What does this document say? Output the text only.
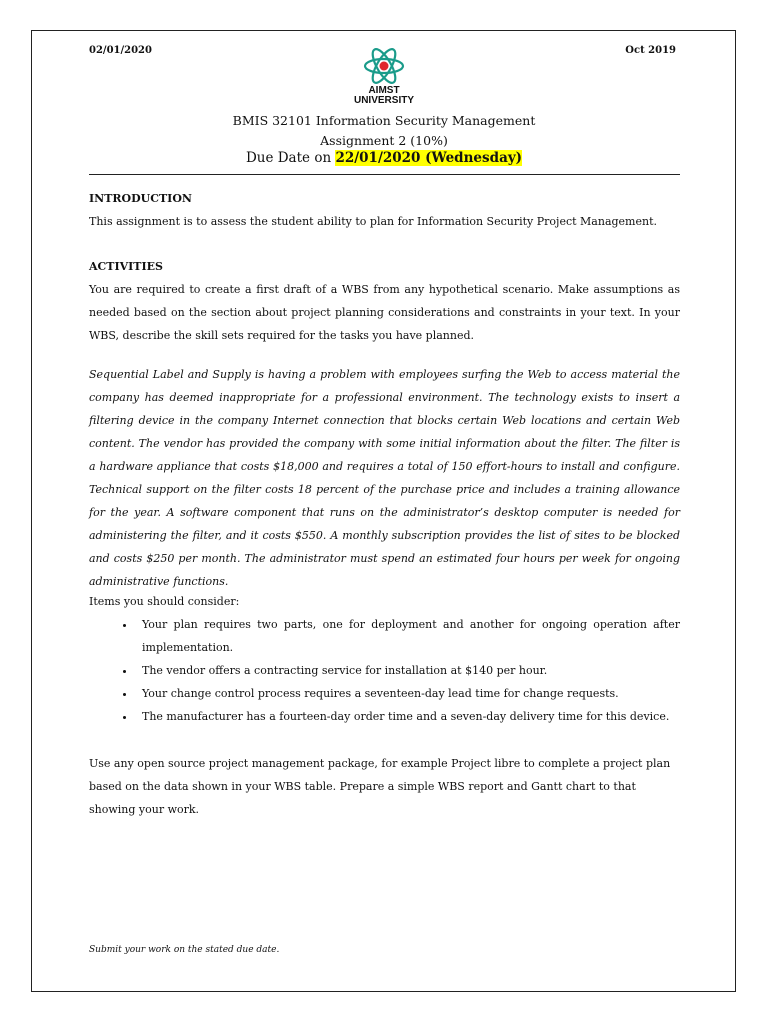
02/01/2020	Oct 2019
AIMST
UNIVERSITY
BMIS 32101 Information Security Management
Assignment 2 (10%)
Due Date on 22/01/2020 (Wednesday)
INTRODUCTION
This assignment is to assess the student ability to plan for Information Security Project Management.
ACTIVITIES
You are required to create a first draft of a WBS from any hypothetical scenario. Make assumptions as needed based on the section about project planning considerations and constraints in your text. In your WBS, describe the skill sets required for the tasks you have planned.
Sequential Label and Supply is having a problem with employees surfing the Web to access material the company has deemed inappropriate for a professional environment. The technology exists to insert a filtering device in the company Internet connection that blocks certain Web locations and certain Web content. The vendor has provided the company with some initial information about the filter. The filter is a hardware appliance that costs $18,000 and requires a total of 150 effort-hours to install and configure. Technical support on the filter costs 18 percent of the purchase price and includes a training allowance for the year. A software component that runs on the administrator’s desktop computer is needed for administering the filter, and it costs $550. A monthly subscription provides the list of sites to be blocked and costs $250 per month. The administrator must spend an estimated four hours per week for ongoing administrative functions.
Items you should consider:
• Your plan requires two parts, one for deployment and another for ongoing operation after implementation.
• The vendor offers a contracting service for installation at $140 per hour.
• Your change control process requires a seventeen-day lead time for change requests.
• The manufacturer has a fourteen-day order time and a seven-day delivery time for this device.
Use any open source project management package, for example Project libre to complete a project plan based on the data shown in your WBS table. Prepare a simple WBS report and Gantt chart to that showing your work.
Submit your work on the stated due date.
